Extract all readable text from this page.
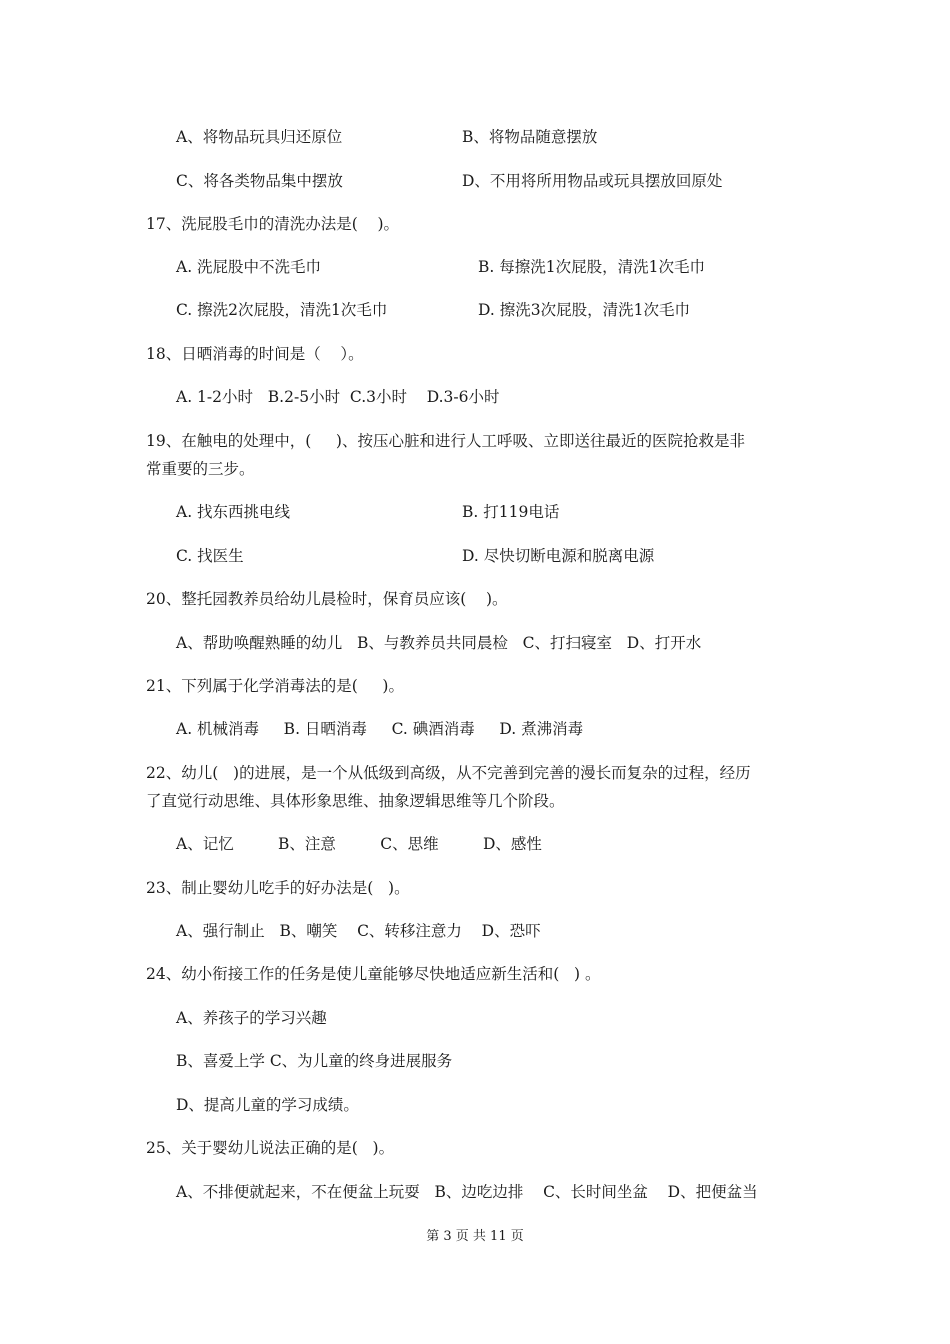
A、将物品玩具归还原位	B、将物品随意摆放
C、将各类物品集中摆放	D、不用将所用物品或玩具摆放回原处
17、洗屁股毛巾的清洗办法是(    )。
A. 洗屁股中不洗毛巾	B. 每擦洗1次屁股，清洗1次毛巾
C. 擦洗2次屁股，清洗1次毛巾	D. 擦洗3次屁股，清洗1次毛巾
18、日晒消毒的时间是（    ）。
A. 1-2小时   B.2-5小时  C.3小时    D.3-6小时
19、在触电的处理中，(     )、按压心脏和进行人工呼吸、立即送往最近的医院抢救是非
常重要的三步。
A. 找东西挑电线	B. 打119电话
C. 找医生	D. 尽快切断电源和脱离电源
20、整托园教养员给幼儿晨检时，保育员应该(    )。
A、帮助唤醒熟睡的幼儿   B、与教养员共同晨检   C、打扫寝室   D、打开水
21、下列属于化学消毒法的是(     )。
A. 机械消毒     B. 日晒消毒     C. 碘酒消毒     D. 煮沸消毒
22、幼儿(   )的进展，是一个从低级到高级，从不完善到完善的漫长而复杂的过程，经历
了直觉行动思维、具体形象思维、抽象逻辑思维等几个阶段。
A、记忆         B、注意         C、思维         D、感性
23、制止婴幼儿吃手的好办法是(   )。
A、强行制止   B、嘲笑    C、转移注意力    D、恐吓
24、幼小衔接工作的任务是使儿童能够尽快地适应新生活和(   ) 。
A、养孩子的学习兴趣
B、喜爱上学 C、为儿童的终身进展服务
D、提高儿童的学习成绩。
25、关于婴幼儿说法正确的是(   )。
A、不排便就起来，不在便盆上玩耍   B、边吃边排    C、长时间坐盆    D、把便盆当
第 3 页 共 11 页
